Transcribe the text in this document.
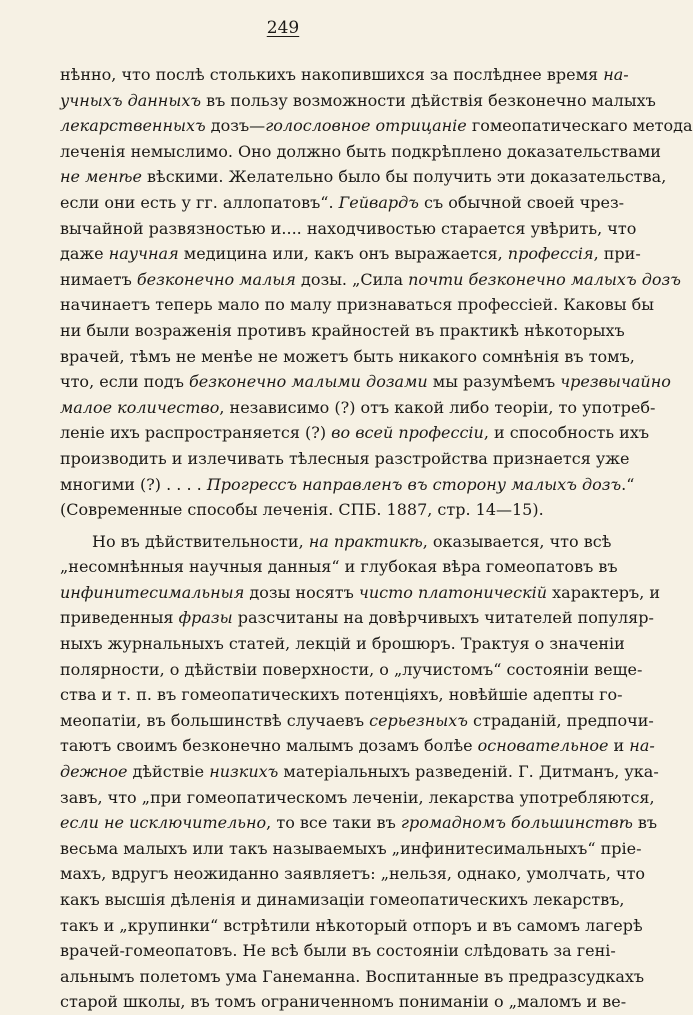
249
нѣнно, что послѣ столькихъ накопившихся за послѣднее время на-
учныхъ данныхъ въ пользу возможности дѣйствія безконечно малыхъ
лекарственныхъ дозъ—голословное отрицаніе гомеопатическаго метода
леченія немыслимо. Оно должно быть подкрѣплено доказательствами
не менѣе вѣскими. Желательно было бы получить эти доказательства,
если они есть у гг. аллопатовъ“. Гейвардъ съ обычной своей чрез-
вычайной развязностью и.... находчивостью старается увѣрить, что
даже научная медицина или, какъ онъ выражается, профессія, при-
нимаетъ безконечно малыя дозы. „Сила почти безконечно малыхъ дозъ
начинаетъ теперь мало по малу признаваться профессіей. Каковы бы
ни были возраженія противъ крайностей въ практикѣ нѣкоторыхъ
врачей, тѣмъ не менѣе не можетъ быть никакого сомнѣнія въ томъ,
что, если подъ безконечно малыми дозами мы разумѣемъ чрезвычайно
малое количество, независимо (?) отъ какой либо теоріи, то употреб-
леніе ихъ распространяется (?) во всей профессіи, и способность ихъ
производить и излечивать тѣлесныя разстройства признается уже
многими (?) . . . . Прогрессъ направленъ въ сторону малыхъ дозъ.“
(Современные способы леченія. СПБ. 1887, стр. 14—15).
Но въ дѣйствительности, на практикѣ, оказывается, что всѣ
„несомнѣнныя научныя данныя“ и глубокая вѣра гомеопатовъ въ
инфинитесимальныя дозы носятъ чисто платоническій характеръ, и
приведенныя фразы разсчитаны на довѣрчивыхъ читателей популяр-
ныхъ журнальныхъ статей, лекцій и брошюръ. Трактуя о значеніи
полярности, о дѣйствіи поверхности, о „лучистомъ“ состояніи веще-
ства и т. п. въ гомеопатическихъ потенціяхъ, новѣйшіе адепты го-
меопатіи, въ большинствѣ случаевъ серьезныхъ страданій, предпочи-
таютъ своимъ безконечно малымъ дозамъ болѣе основательное и на-
дежное дѣйствіе низкихъ матеріальныхъ разведеній. Г. Дитманъ, ука-
завъ, что „при гомеопатическомъ леченіи, лекарства употребляются,
если не исключительно, то все таки въ громадномъ большинствѣ въ
весьма малыхъ или такъ называемыхъ „инфинитесимальныхъ“ пріе-
махъ, вдругъ неожиданно заявляетъ: „нельзя, однако, умолчать, что
какъ высшія дѣленія и динамизаціи гомеопатическихъ лекарствъ,
такъ и „крупинки“ встрѣтили нѣкоторый отпоръ и въ самомъ лагерѣ
врачей-гомеопатовъ. Не всѣ были въ состояніи слѣдовать за гені-
альнымъ полетомъ ума Ганеманна. Воспитанные въ предразсудкахъ
старой школы, въ томъ ограниченномъ пониманіи о „маломъ и ве-
